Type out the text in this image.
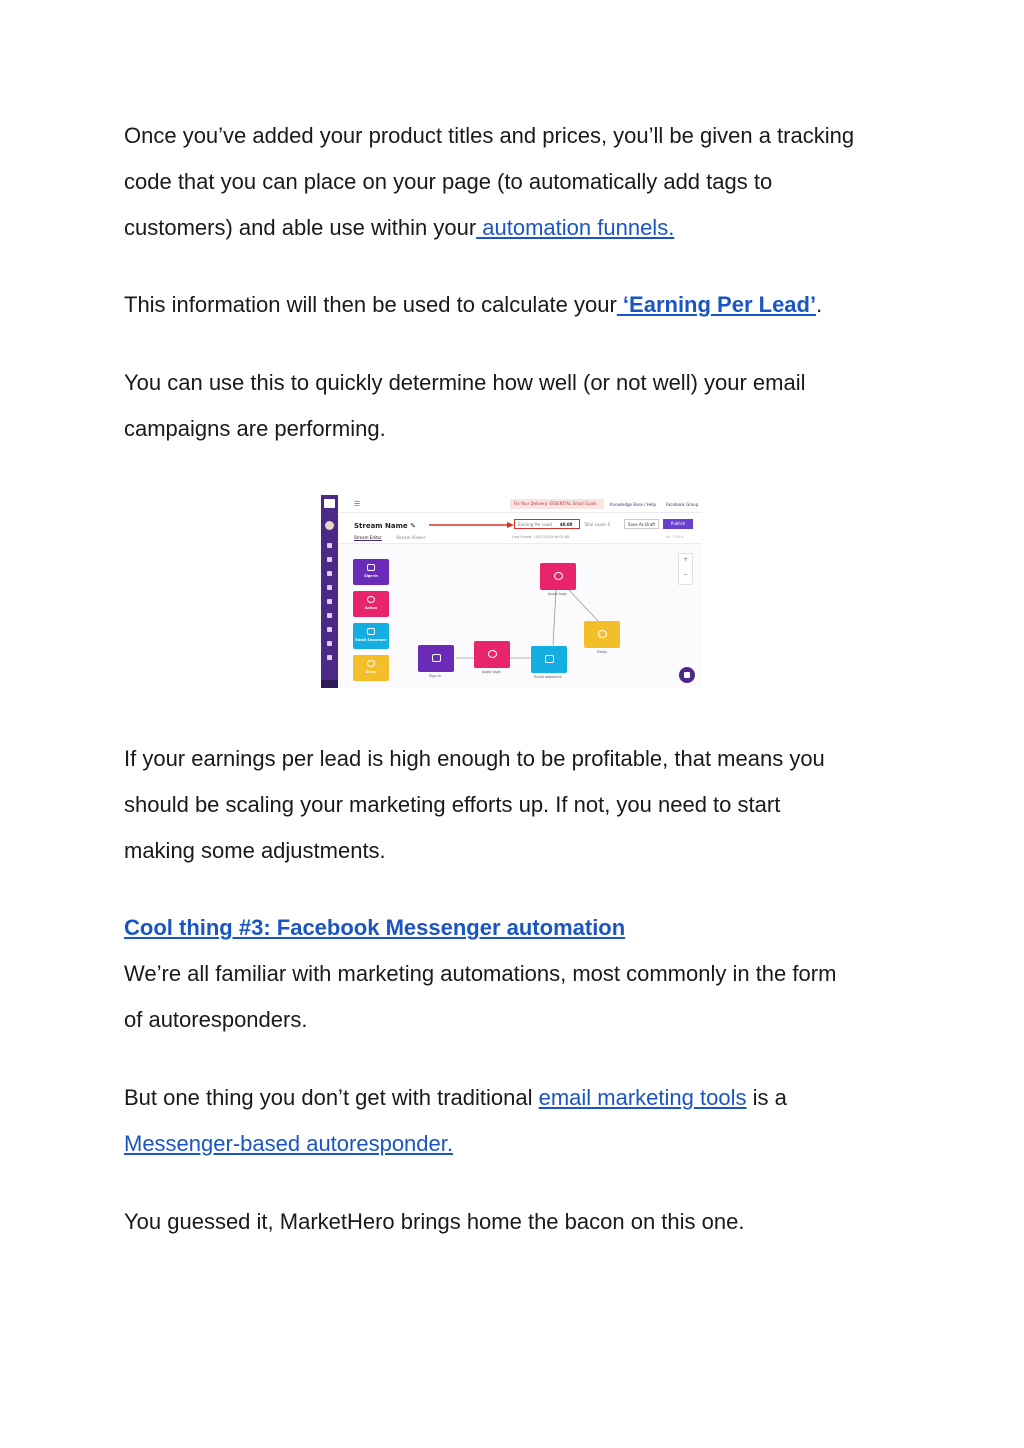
Once you’ve added your product titles and prices, you’ll be given a tracking
code that you can place on your page (to automatically add tags to
customers) and able use within your automation funnels.

This information will then be used to calculate your ‘Earning Per Lead’.

You can use this to quickly determine how well (or not well) your email
campaigns are performing.

If your earnings per lead is high enough to be profitable, that means you
should be scaling your marketing efforts up. If not, you need to start
making some adjustments.

Cool thing #3: Facebook Messenger automation

We’re all familiar with marketing automations, most commonly in the form
of autoresponders.

But one thing you don’t get with traditional email marketing tools is a
Messenger-based autoresponder.

You guessed it, MarketHero brings home the bacon on this one.

☰	Fix Your Delivery: ESSENTIAL Email Guide	Knowledge Base / Help Facebook Group
Stream Name ✎
Stream Editor	Stream Viewer	Last Saved: 10/27/2019 at 01:48
Earning Per Lead $0.00	Total Leads 0	Save As Draft	Publish
All · 100%
Sign-in
Action
Email Sequence
Delay
Apply tags
Delay
Sign-in
Apply tags
Email sequence
+
−
